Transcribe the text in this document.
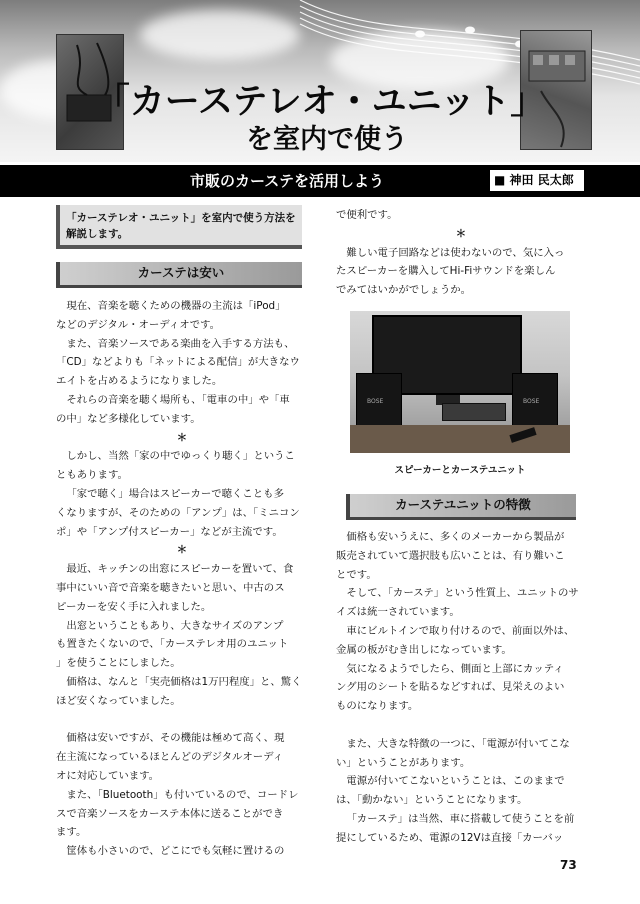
「カーステレオ・ユニット」
を室内で使う
市販のカーステを活用しよう	■ 神田 民太郎
「カーステレオ・ユニット」を室内で使う方法を解説します。
カーステは安い

現在、音楽を聴くための機器の主流は「iPod」

などのデジタル・オーディオです。

また、音楽ソースである楽曲を入手する方法も、

「CD」などよりも「ネットによる配信」が大きなウ

エイトを占めるようになりました。

それらの音楽を聴く場所も、「電車の中」や「車

の中」など多様化しています。

＊

しかし、当然「家の中でゆっくり聴く」というこ

ともあります。

「家で聴く」場合はスピーカーで聴くことも多

くなりますが、そのための「アンプ」は、「ミニコン

ポ」や「アンプ付スピーカー」などが主流です。

＊

最近、キッチンの出窓にスピーカーを置いて、食

事中にいい音で音楽を聴きたいと思い、中古のス

ピーカーを安く手に入れました。

出窓ということもあり、大きなサイズのアンプ

も置きたくないので、「カーステレオ用のユニット

」を使うことにしました。

価格は、なんと「実売価格は1万円程度」と、驚く

ほど安くなっていました。

価格は安いですが、その機能は極めて高く、現

在主流になっているほとんどのデジタルオーディ

オに対応しています。

また、「Bluetooth」も付いているので、コードレ

スで音楽ソースをカーステ本体に送ることができ

ます。

筐体も小さいので、どこにでも気軽に置けるの

で便利です。

＊

難しい電子回路などは使わないので、気に入っ

たスピーカーを購入してHi-Fiサウンドを楽しん

でみてはいかがでしょうか。

BOSE	BOSE
スピーカーとカーステユニット
カーステユニットの特徴

価格も安いうえに、多くのメーカーから製品が

販売されていて選択肢も広いことは、有り難いこ

とです。

そして、「カーステ」という性質上、ユニットのサ

イズは統一されています。

車にビルトインで取り付けるので、前面以外は、

金属の板がむき出しになっています。

気になるようでしたら、側面と上部にカッティ

ング用のシートを貼るなどすれば、見栄えのよい

ものになります。

また、大きな特徴の一つに、「電源が付いてこな

い」ということがあります。

電源が付いてこないということは、このままで

は、「動かない」ということになります。

「カーステ」は当然、車に搭載して使うことを前

提にしているため、電源の12Vは直接「カーバッ

73
